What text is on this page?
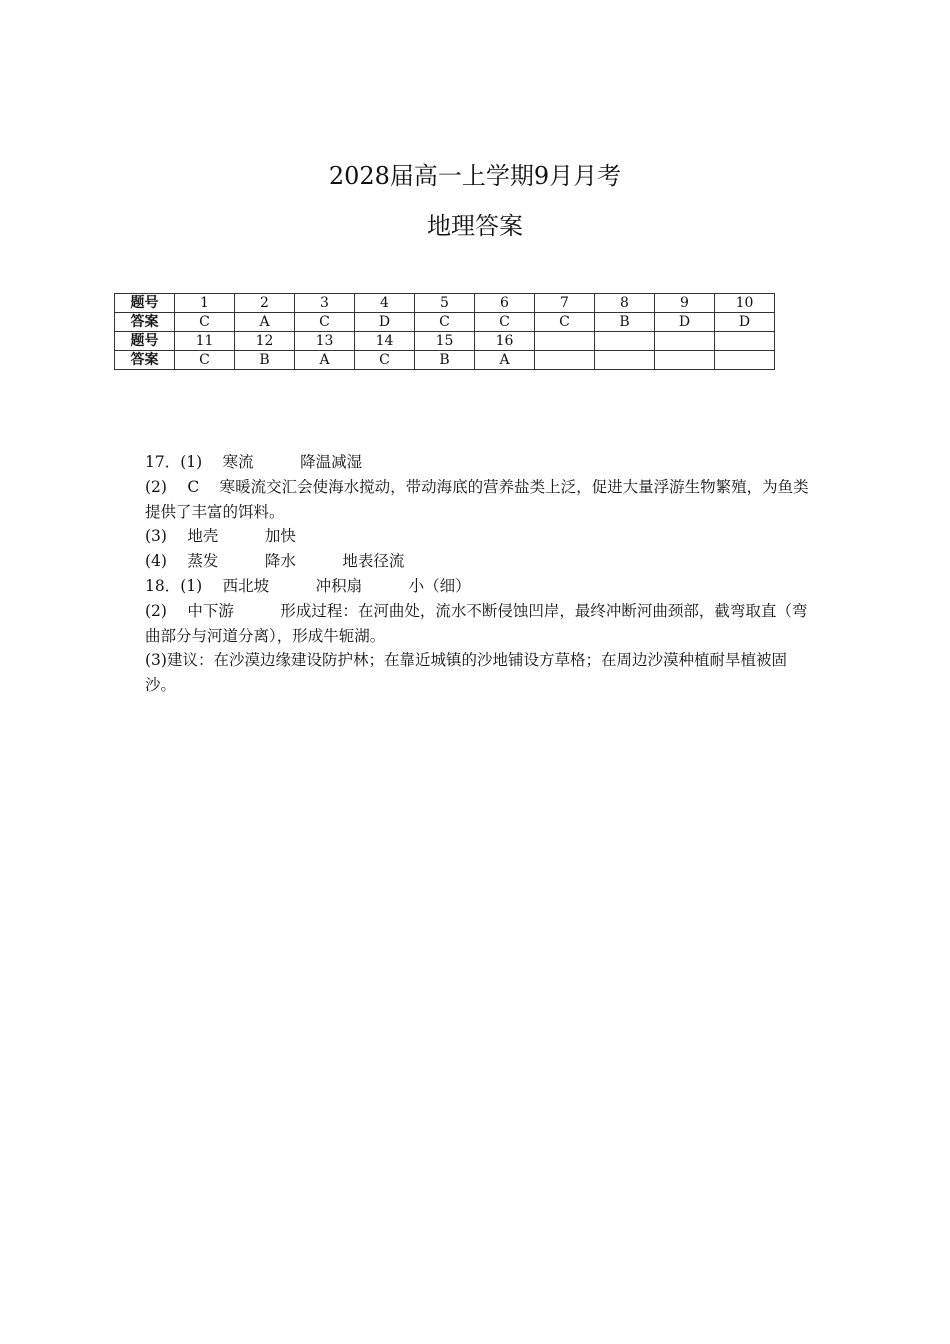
2028届高一上学期9月月考
地理答案
题号	1	2	3	4	5	6	7	8	9	10
答案	C	A	C	D	C	C	C	B	D	D
题号	11	12	13	14	15	16				
答案	C	B	A	C	B	A				

17．(1)　 寒流　　　降温减湿

(2)　 C　 寒暖流交汇会使海水搅动，带动海底的营养盐类上泛，促进大量浮游生物繁殖，为鱼类提供了丰富的饵料。

(3)　 地壳　　　加快

(4)　 蒸发　　　降水　　　地表径流

18．(1)　 西北坡　　　冲积扇　　　小（细）

(2)　 中下游　　　形成过程：在河曲处，流水不断侵蚀凹岸，最终冲断河曲颈部，截弯取直（弯曲部分与河道分离），形成牛轭湖。

(3)建议：在沙漠边缘建设防护林；在靠近城镇的沙地铺设方草格；在周边沙漠种植耐旱植被固沙。
